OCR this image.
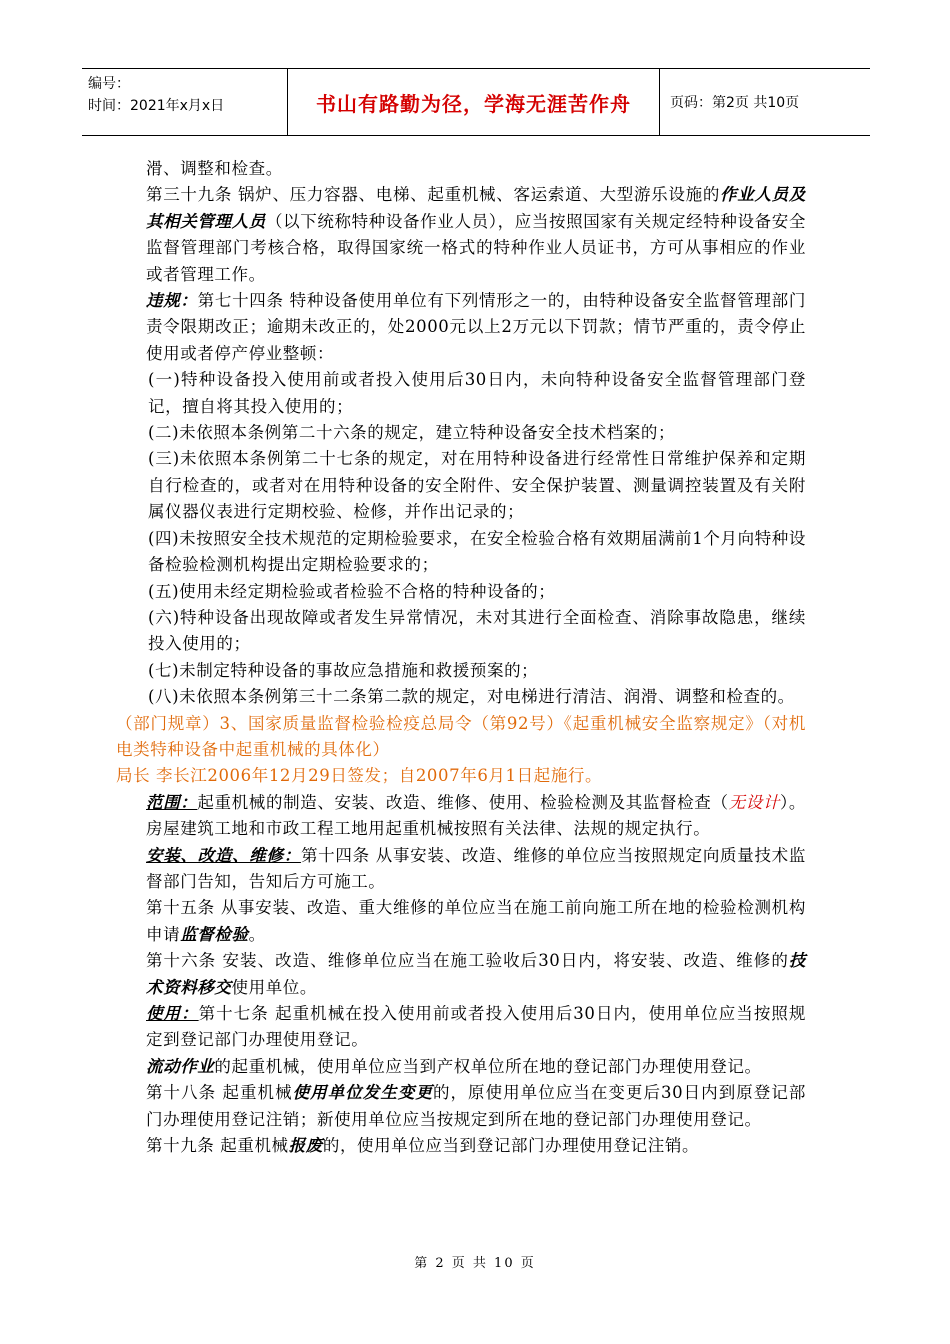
编号：
时间：2021年x月x日	书山有路勤为径，学海无涯苦作舟	页码：第2页 共10页

滑、调整和检查。

第三十九条 锅炉、压力容器、电梯、起重机械、客运索道、大型游乐设施的作业人员及其相关管理人员（以下统称特种设备作业人员），应当按照国家有关规定经特种设备安全监督管理部门考核合格，取得国家统一格式的特种作业人员证书，方可从事相应的作业或者管理工作。

违规：第七十四条 特种设备使用单位有下列情形之一的，由特种设备安全监督管理部门责令限期改正；逾期未改正的，处2000元以上2万元以下罚款；情节严重的，责令停止使用或者停产停业整顿：

(一)特种设备投入使用前或者投入使用后30日内，未向特种设备安全监督管理部门登记，擅自将其投入使用的；

(二)未依照本条例第二十六条的规定，建立特种设备安全技术档案的；

(三)未依照本条例第二十七条的规定，对在用特种设备进行经常性日常维护保养和定期自行检查的，或者对在用特种设备的安全附件、安全保护装置、测量调控装置及有关附属仪器仪表进行定期校验、检修，并作出记录的；

(四)未按照安全技术规范的定期检验要求，在安全检验合格有效期届满前1个月向特种设备检验检测机构提出定期检验要求的；

(五)使用未经定期检验或者检验不合格的特种设备的；

(六)特种设备出现故障或者发生异常情况，未对其进行全面检查、消除事故隐患，继续投入使用的；

(七)未制定特种设备的事故应急措施和救援预案的；

(八)未依照本条例第三十二条第二款的规定，对电梯进行清洁、润滑、调整和检查的。

（部门规章）3、国家质量监督检验检疫总局令（第92号）《起重机械安全监察规定》（对机电类特种设备中起重机械的具体化）

局长 李长江2006年12月29日签发；自2007年6月1日起施行。

范围：起重机械的制造、安装、改造、维修、使用、检验检测及其监督检查（无设计）。房屋建筑工地和市政工程工地用起重机械按照有关法律、法规的规定执行。

安装、改造、维修：第十四条 从事安装、改造、维修的单位应当按照规定向质量技术监督部门告知，告知后方可施工。

第十五条 从事安装、改造、重大维修的单位应当在施工前向施工所在地的检验检测机构申请监督检验。

第十六条 安装、改造、维修单位应当在施工验收后30日内，将安装、改造、维修的技术资料移交使用单位。

使用：第十七条 起重机械在投入使用前或者投入使用后30日内，使用单位应当按照规定到登记部门办理使用登记。

流动作业的起重机械，使用单位应当到产权单位所在地的登记部门办理使用登记。

第十八条 起重机械使用单位发生变更的，原使用单位应当在变更后30日内到原登记部门办理使用登记注销；新使用单位应当按规定到所在地的登记部门办理使用登记。

第十九条 起重机械报废的，使用单位应当到登记部门办理使用登记注销。

第 2 页 共 10 页
